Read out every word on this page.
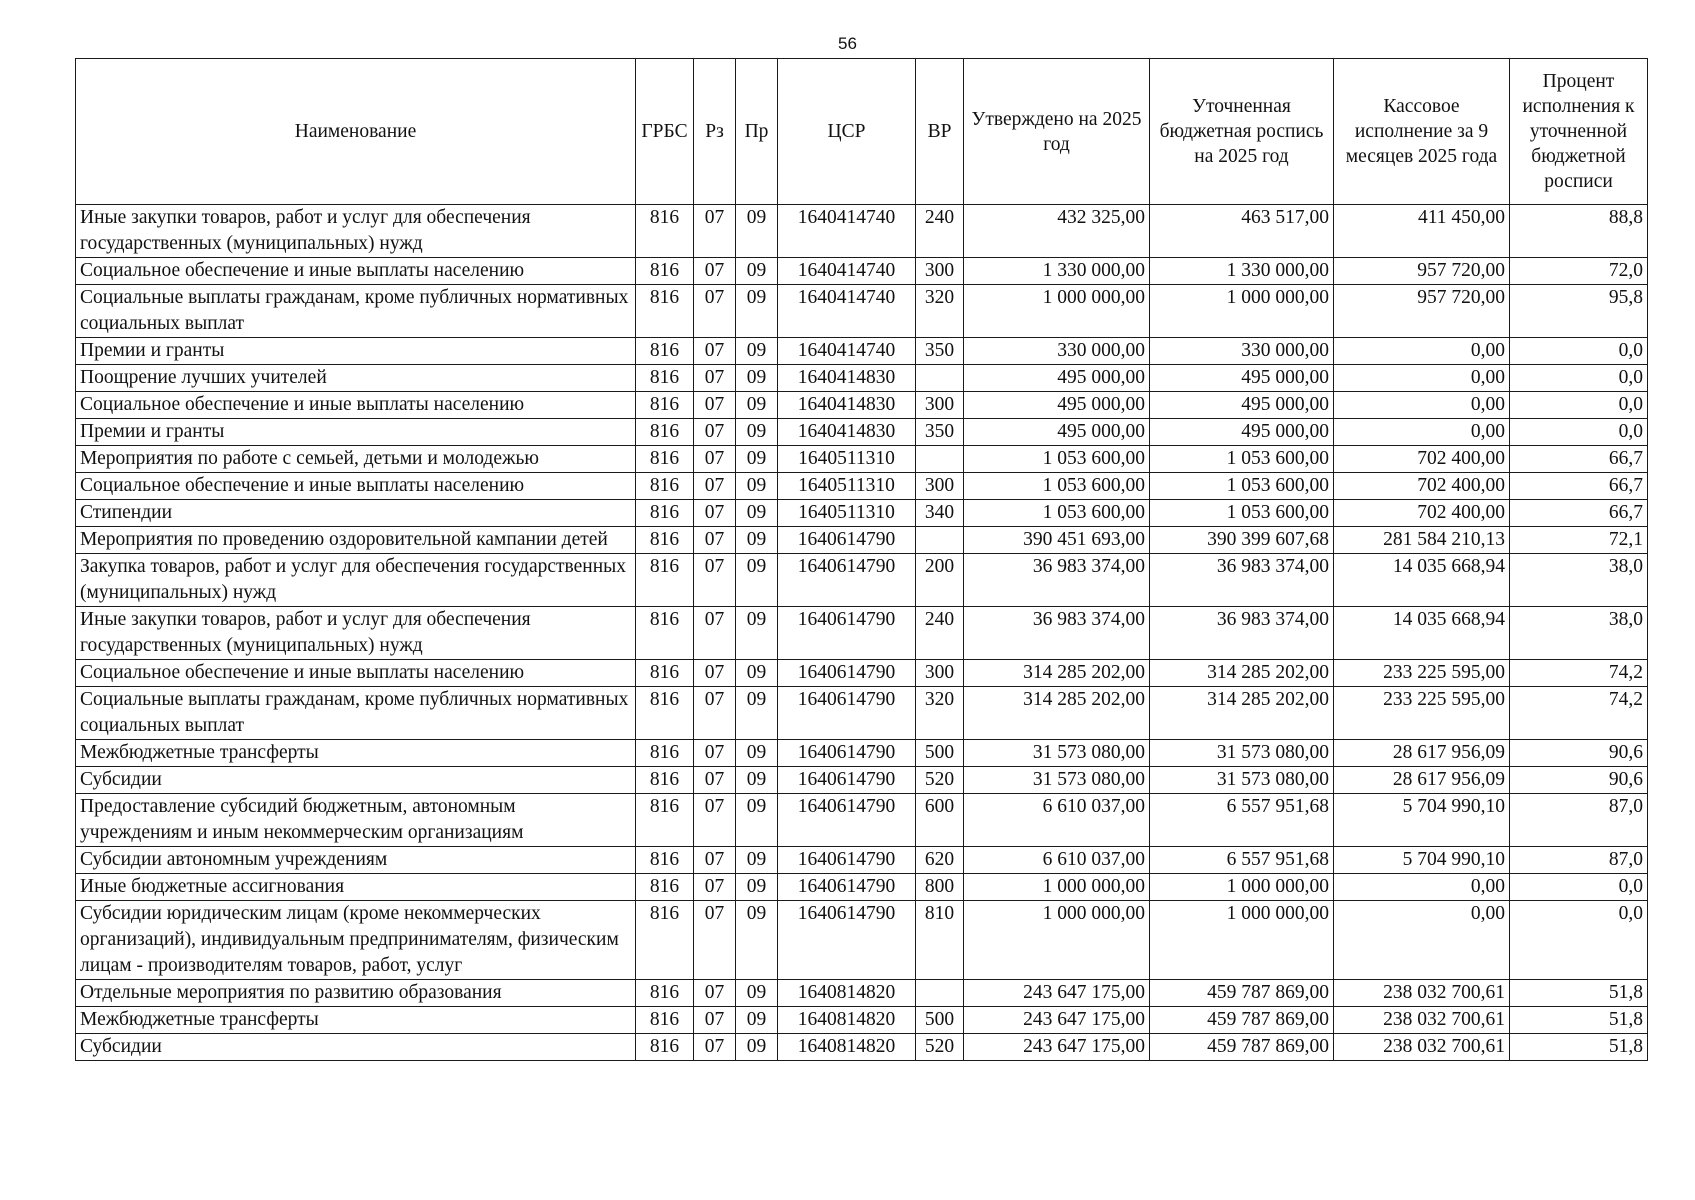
56
Наименование	ГРБС	Рз	Пр	ЦСР	ВР	Утверждено на 2025 год	Уточненная бюджетная роспись на 2025 год	Кассовое исполнение за 9 месяцев 2025 года	Процент исполнения к уточненной бюджетной росписи
Иные закупки товаров, работ и услуг для обеспечения государственных (муниципальных) нужд	816	07	09	1640414740	240	432 325,00	463 517,00	411 450,00	88,8
Социальное обеспечение и иные выплаты населению	816	07	09	1640414740	300	1 330 000,00	1 330 000,00	957 720,00	72,0
Социальные выплаты гражданам, кроме публичных нормативных социальных выплат	816	07	09	1640414740	320	1 000 000,00	1 000 000,00	957 720,00	95,8
Премии и гранты	816	07	09	1640414740	350	330 000,00	330 000,00	0,00	0,0
Поощрение лучших учителей	816	07	09	1640414830		495 000,00	495 000,00	0,00	0,0
Социальное обеспечение и иные выплаты населению	816	07	09	1640414830	300	495 000,00	495 000,00	0,00	0,0
Премии и гранты	816	07	09	1640414830	350	495 000,00	495 000,00	0,00	0,0
Мероприятия по работе с семьей, детьми и молодежью	816	07	09	1640511310		1 053 600,00	1 053 600,00	702 400,00	66,7
Социальное обеспечение и иные выплаты населению	816	07	09	1640511310	300	1 053 600,00	1 053 600,00	702 400,00	66,7
Стипендии	816	07	09	1640511310	340	1 053 600,00	1 053 600,00	702 400,00	66,7
Мероприятия по проведению оздоровительной кампании детей	816	07	09	1640614790		390 451 693,00	390 399 607,68	281 584 210,13	72,1
Закупка товаров, работ и услуг для обеспечения государственных (муниципальных) нужд	816	07	09	1640614790	200	36 983 374,00	36 983 374,00	14 035 668,94	38,0
Иные закупки товаров, работ и услуг для обеспечения государственных (муниципальных) нужд	816	07	09	1640614790	240	36 983 374,00	36 983 374,00	14 035 668,94	38,0
Социальное обеспечение и иные выплаты населению	816	07	09	1640614790	300	314 285 202,00	314 285 202,00	233 225 595,00	74,2
Социальные выплаты гражданам, кроме публичных нормативных социальных выплат	816	07	09	1640614790	320	314 285 202,00	314 285 202,00	233 225 595,00	74,2
Межбюджетные трансферты	816	07	09	1640614790	500	31 573 080,00	31 573 080,00	28 617 956,09	90,6
Субсидии	816	07	09	1640614790	520	31 573 080,00	31 573 080,00	28 617 956,09	90,6
Предоставление субсидий бюджетным, автономным учреждениям и иным некоммерческим организациям	816	07	09	1640614790	600	6 610 037,00	6 557 951,68	5 704 990,10	87,0
Субсидии автономным учреждениям	816	07	09	1640614790	620	6 610 037,00	6 557 951,68	5 704 990,10	87,0
Иные бюджетные ассигнования	816	07	09	1640614790	800	1 000 000,00	1 000 000,00	0,00	0,0
Субсидии юридическим лицам (кроме некоммерческих организаций), индивидуальным предпринимателям, физическим лицам - производителям товаров, работ, услуг	816	07	09	1640614790	810	1 000 000,00	1 000 000,00	0,00	0,0
Отдельные мероприятия по развитию образования	816	07	09	1640814820		243 647 175,00	459 787 869,00	238 032 700,61	51,8
Межбюджетные трансферты	816	07	09	1640814820	500	243 647 175,00	459 787 869,00	238 032 700,61	51,8
Субсидии	816	07	09	1640814820	520	243 647 175,00	459 787 869,00	238 032 700,61	51,8
